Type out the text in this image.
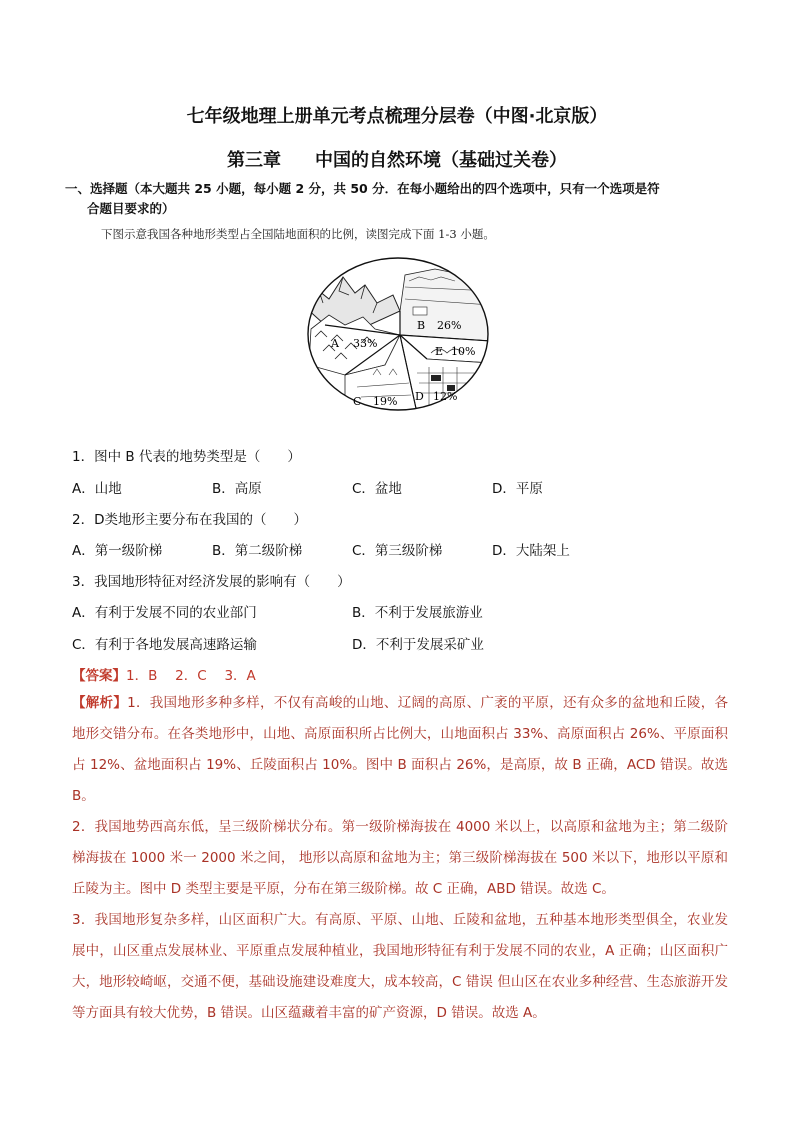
七年级地理上册单元考点梳理分层卷（中图·北京版）
第三章 中国的自然环境（基础过关卷）
一、选择题（本大题共 25 小题，每小题 2 分，共 50 分．在每小题给出的四个选项中，只有一个选项是符
合题目要求的）
下图示意我国各种地形类型占全国陆地面积的比例，读图完成下面 1-3 小题。
A 33%
B 26%
E 10%
D 12%
C 19%
1．图中 B 代表的地势类型是（　　）
A．山地	B．高原	C．盆地	D．平原
2．D类地形主要分布在我国的（　　）
A．第一级阶梯	B．第二级阶梯	C．第三级阶梯	D．大陆架上
3．我国地形特征对经济发展的影响有（　　）
A．有利于发展不同的农业部门	B．不利于发展旅游业
C．有利于各地发展高速路运输	D．不利于发展采矿业
【答案】1．B　 2．C　 3．A

【解析】1．我国地形多种多样，不仅有高峻的山地、辽阔的高原、广袤的平原，还有众多的盆地和丘陵，各地形交错分布。在各类地形中，山地、高原面积所占比例大，山地面积占 33%、高原面积占 26%、平原面积占 12%、盆地面积占 19%、丘陵面积占 10%。图中 B 面积占 26%，是高原，故 B 正确，ACD 错误。故选 B。

2．我国地势西高东低，呈三级阶梯状分布。第一级阶梯海拔在 4000 米以上，以高原和盆地为主；第二级阶梯海拔在 1000 米一 2000 米之间， 地形以高原和盆地为主；第三级阶梯海拔在 500 米以下，地形以平原和丘陵为主。图中 D 类型主要是平原，分布在第三级阶梯。故 C 正确，ABD 错误。故选 C。

3．我国地形复杂多样，山区面积广大。有高原、平原、山地、丘陵和盆地，五种基本地形类型俱全，农业发展中，山区重点发展林业、平原重点发展种植业，我国地形特征有利于发展不同的农业，A 正确；山区面积广大，地形较崎岖，交通不便，基础设施建设难度大，成本较高，C 错误 但山区在农业多种经营、生态旅游开发等方面具有较大优势，B 错误。山区蕴藏着丰富的矿产资源，D 错误。故选 A。
